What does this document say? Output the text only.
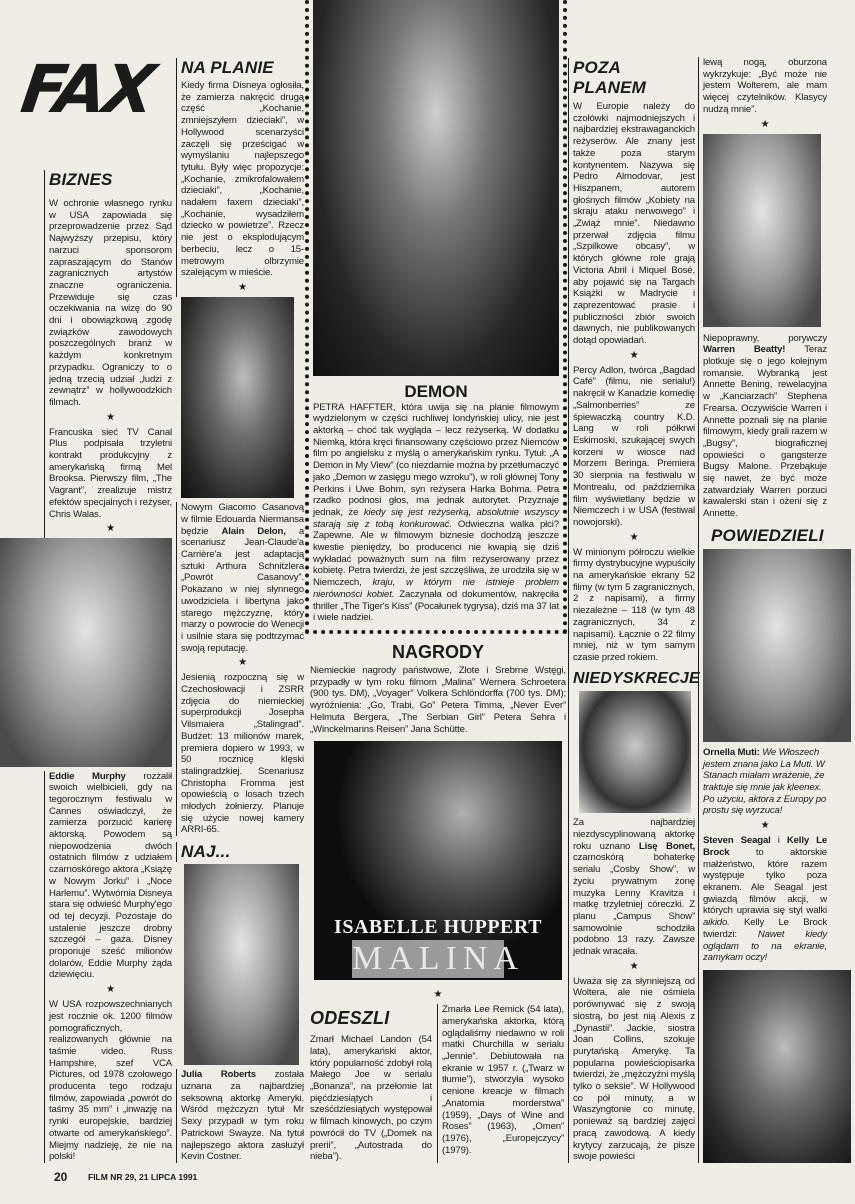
FAX
BIZNES

W ochronie własnego rynku w USA zapowiada się przeprowadzenie przez Sąd Najwyższy przepisu, który narzuci sponsorom zapraszającym do Stanów zagranicznych artystów znaczne ograniczenia. Przewiduje się czas oczekiwania na wizę do 90 dni i obowiązkową zgodę związków zawodowych poszczególnych branż w każdym konkretnym przypadku. Ograniczy to o jedną trzecią udział „ludzi z zewnątrz” w hollywoodzkich filmach.

★

Francuska sieć TV Canal Plus podpisała trzyletni kontrakt produkcyjny z amerykańską firmą Mel Brooksa. Pierwszy film, „The Vagrant”, zrealizuje mistrz efektów specjalnych i reżyser, Chris Walas.

★

Eddie Murphy rozżalił swoich wielbicieli, gdy na tegorocznym festiwalu w Cannes oświadczył, że zamierza porzucić karierę aktorską. Powodem są niepowodzenia dwóch ostatnich filmów z udziałem czarnoskórego aktora „Książę w Nowym Jorku” i „Noce Harlemu”. Wytwórnia Disneya stara się odwieść Murphy'ego od tej decyzji. Pozostaje do ustalenie jeszcze drobny szczegół – gaża. Disney proponuje sześć milionów dolarów, Eddie Murphy żąda dziewięciu.

★

W USA rozpowszechnianych jest rocznie ok. 1200 filmów pornograficznych, realizowanych głównie na taśmie video. Russ Hampshire, szef VCA Pictures, od 1978 czołowego producenta tego rodzaju filmów, zapowiada „powrót do taśmy 35 mm” i „inwazję na rynki europejskie, bardziej otwarte od amerykańskiego”. Miejmy nadzieję, że nie na polski!

NA PLANIE

Kiedy firma Disneya ogłosiła, że zamierza nakręcić drugą część „Kochanie, zmniejszyłem dzieciaki”, w Hollywood scenarzyści zaczęli się prześcigać w wymyślaniu najlepszego tytułu. Były więc propozycje: „Kochanie, zmikrofalowałem dzieciaki”, „Kochanie, nadałem faxem dzieciaki”, „Kochanie, wysadziłem dziecko w powietrze”. Rzecz nie jest o eksplodującym berbeciu, lecz o 15-metrowym olbrzymie szalejącym w mieście.

★

Nowym Giacomo Casanovą w filmie Edouarda Niermansa będzie Alain Delon, a scenariusz Jean-Claude'a Carrière'a jest adaptacją sztuki Arthura Schnitzlera „Powrót Casanovy”. Pokazano w niej słynnego uwodziciela i libertyna jako starego mężczyznę, który marzy o powrocie do Wenecji i usilnie stara się podtrzymać swoją reputację.

★

Jesienią rozpoczną się w Czechosłowacji i ZSRR zdjęcia do niemieckiej superprodukcji Josepha Vilsmaiera „Stalingrad”. Budżet: 13 milionów marek, premiera dopiero w 1993, w 50 rocznicę klęski stalingradzkiej. Scenariusz Christopha Fromma jest opowieścią o losach trzech młodych żołnierzy. Planuje się użycie nowej kamery ARRI-65.

NAJ...

Julia Roberts została uznana za najbardziej seksowną aktorkę Ameryki. Wśród mężczyzn tytuł Mr Sexy przypadł w tym roku Patrickowi Swayze. Na tytuł najlepszego aktora zasłużył Kevin Costner.

DEMON

PETRA HAFFTER, która uwija się na planie filmowym wydzielonym w części ruchliwej londyńskiej ulicy, nie jest aktorką – choć tak wygląda – lecz reżyserką. W dodatku Niemką, która kręci finansowany częściowo przez Niemców film po angielsku z myślą o amerykańskim rynku. Tytuł: „A Demon in My View” (co niezdarnie można by przetłumaczyć jako „Demon w zasięgu mego wzroku”), w roli głównej Tony Perkins i Uwe Bohm, syn reżysera Harka Bohma. Petra rzadko podnosi głos, ma jednak autorytet. Przyznaje jednak, że kiedy się jest reżyserką, absolutnie wszyscy starają się z tobą konkurować. Odwieczna walka płci? Zapewne. Ale w filmowym biznesie dochodzą jeszcze kwestie pieniędzy, bo producenci nie kwapią się dziś wykładać poważnych sum na film reżyserowany przez kobietę. Petra twierdzi, że jest szczęśliwa, że urodziła się w Niemczech, kraju, w którym nie istnieje problem nierówności kobiet. Zaczynała od dokumentów, nakręciła thriller „The Tiger's Kiss” (Pocałunek tygrysa), dziś ma 37 lat i wiele nadziei.

NAGRODY

Niemieckie nagrody państwowe, Złote i Srebrne Wstęgi, przypadły w tym roku filmom „Malina” Wernera Schroetera (900 tys. DM), „Voyager” Volkera Schlöndorffa (700 tys. DM); wyróżnienia: „Go, Trabi, Go” Petera Timma, „Never Ever” Helmuta Bergera, „The Serbian Girl” Petera Sehra i „Winckelmanns Reisen” Jana Schütte.

ISABELLE HUPPERT
MALINA
★
ODESZLI

Zmarł Michael Landon (54 lata), amerykański aktor, który popularność zdobył rolą Małego Joe w serialu „Bonanza”, na przełomie lat pięćdziesiątych i sześćdziesiątych występował w filmach kinowych, po czym powrócił do TV („Domek na prerii”, „Autostrada do nieba”).

Zmarła Lee Remick (54 lata), amerykańska aktorka, którą oglądaliśmy niedawno w roli matki Churchilla w serialu „Jennie”. Debiutowała na ekranie w 1957 r. („Twarz w tłumie”), stworzyła wysoko cenione kreacje w filmach „Anatomia morderstwa” (1959), „Days of Wine and Roses” (1963), „Omen” (1976), „Europejczycy” (1979).

POZA PLANEM

W Europie należy do czołówki najmodniejszych i najbardziej ekstrawaganckich reżyserów. Ale znany jest także poza starym kontynentem. Nazywa się Pedro Almodovar, jest Hiszpanem, autorem głośnych filmów „Kobiety na skraju ataku nerwowego” i „Zwiąż mnie”. Niedawno przerwał zdjęcia filmu „Szpilkowe obcasy”, w których główne role grają Victoria Abril i Miquel Bosé, aby pojawić się na Targach Książki w Madrycie i zaprezentować prasie i publiczności zbiór swoich dawnych, nie publikowanych dotąd opowiadań.

★

Percy Adlon, twórca „Bagdad Café” (filmu, nie serialu!) nakręcił w Kanadzie komedię „Salmonberries” ze śpiewaczką country K.D. Lang w roli półkrwi Eskimoski, szukającej swych korzeni w wiosce nad Morzem Beringa. Premiera 30 sierpnia na festiwalu w Montrealu, od października film wyświetlany będzie w Niemczech i w USA (festiwal nowojorski).

★

W minionym półroczu wielkie firmy dystrybucyjne wypuściły na amerykańskie ekrany 52 filmy (w tym 5 zagranicznych, 2 z napisami), a firmy niezależne – 118 (w tym 48 zagranicznych, 34 z napisami). Łącznie o 22 filmy mniej, niż w tym samym czasie przed rokiem.

NIEDYSKRECJE

Za najbardziej niezdyscyplinowaną aktorkę roku uznano Lisę Bonet, czarnoskórą bohaterkę serialu „Cosby Show”, w życiu prywatnym żonę muzyka Lenny Kravitza i matkę trzyletniej córeczki. Z planu „Campus Show” samowolnie schodziła podobno 13 razy. Zawsze jednak wracała.

★

Uważa się za słynniejszą od Woltera, ale nie ośmiela porównywać się z swoją siostrą, bo jest nią Alexis z „Dynastii”. Jackie, siostra Joan Collins, szokuje purytańską Amerykę. Ta popularna powieściopisarka twierdzi, że „mężczyźni myślą tylko o seksie”. W Hollywood co pół minuty, a w Waszyngtonie co minutę, ponieważ są bardziej zajęci pracą zawodową. A kiedy krytycy zarzucają, że pisze swoje powieści

lewą nogą, oburzona wykrzykuje: „Być może nie jestem Wolterem, ale mam więcej czytelników. Klasycy nudzą mnie”.

★

Niepoprawny, porywczy Warren Beatty! Teraz plotkuje się o jego kolejnym romansie. Wybranką jest Annette Bening, rewelacyjna w „Kanciarzach” Stephena Frearsa. Oczywiście Warren i Annette poznali się na planie filmowym, kiedy grali razem w „Bugsy”, biograficznej opowieści o gangsterze Bugsy Malone. Przebąkuje się nawet, że być może zatwardziały Warren porzuci kawalerski stan i ożeni się z Annette.

POWIEDZIELI

Ornella Muti: We Włoszech jestem znana jako La Muti. W Stanach miałam wrażenie, że traktuje się mnie jak kleenex. Po użyciu, aktora z Europy po prostu się wyrzuca!

★

Steven Seagal i Kelly Le Brock to aktorskie małżeństwo, które razem występuje tylko poza ekranem. Ale Seagal jest gwiazdą filmów akcji, w których uprawia się styl walki aikido. Kelly Le Brock twierdzi: Nawet kiedy oglądam to na ekranie, zamykam oczy!

20 FILM NR 29, 21 LIPCA 1991
